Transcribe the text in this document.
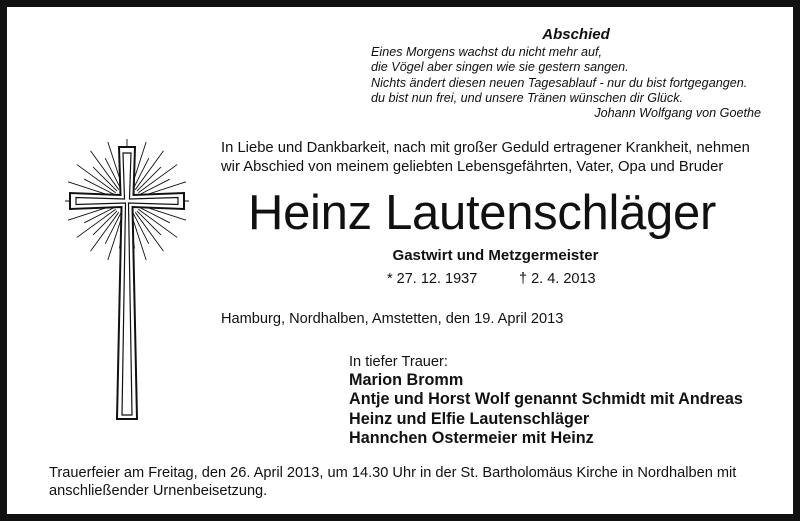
Abschied
Eines Morgens wachst du nicht mehr auf,
die Vögel aber singen wie sie gestern sangen.
Nichts ändert diesen neuen Tagesablauf - nur du bist fortgegangen.
du bist nun frei, und unsere Tränen wünschen dir Glück.
Johann Wolfgang von Goethe
In Liebe und Dankbarkeit, nach mit großer Geduld ertragener Krankheit, nehmen
wir Abschied von meinem geliebten Lebensgefährten, Vater, Opa und Bruder
Heinz Lautenschläger
Gastwirt und Metzgermeister
* 27. 12. 1937	† 2. 4. 2013
Hamburg, Nordhalben, Amstetten, den 19. April 2013
In tiefer Trauer:
Marion Bromm
Antje und Horst Wolf genannt Schmidt mit Andreas
Heinz und Elfie Lautenschläger
Hannchen Ostermeier mit Heinz
Trauerfeier am Freitag, den 26. April 2013, um 14.30 Uhr in der St. Bartholomäus Kirche in Nordhalben mit
anschließender Urnenbeisetzung.
